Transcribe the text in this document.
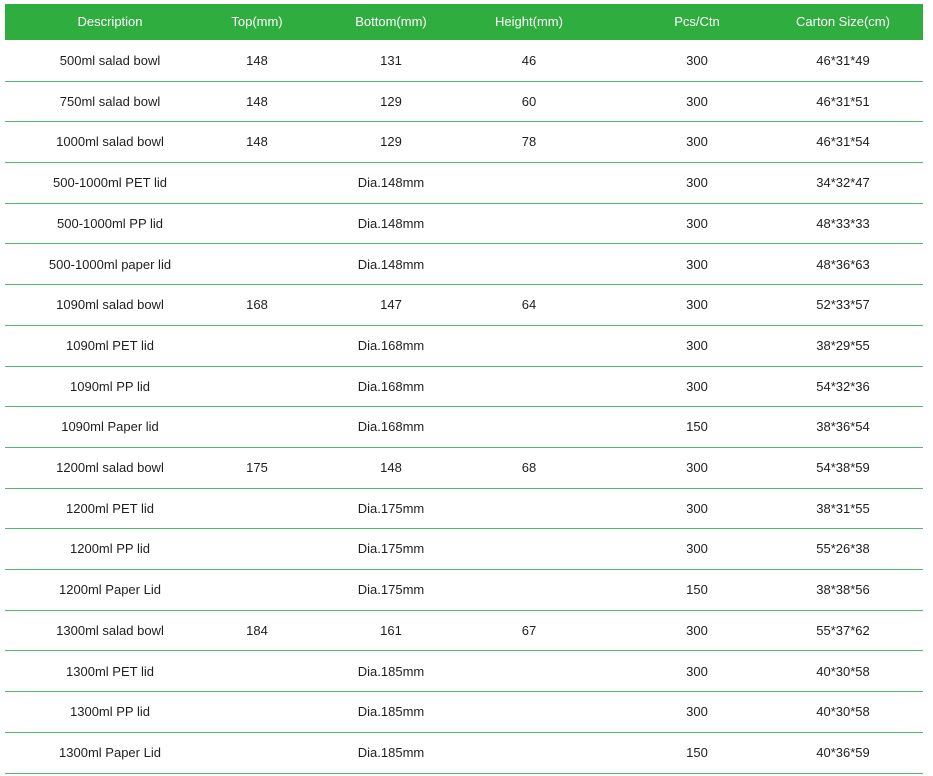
Description	Top(mm)	Bottom(mm)	Height(mm)	Pcs/Ctn	Carton Size(cm)
500ml salad bowl	148	131	46	300	46*31*49
750ml salad bowl	148	129	60	300	46*31*51
1000ml salad bowl	148	129	78	300	46*31*54
500-1000ml PET lid	Dia.148mm	300	34*32*47
500-1000ml PP lid	Dia.148mm	300	48*33*33
500-1000ml paper lid	Dia.148mm	300	48*36*63
1090ml salad bowl	168	147	64	300	52*33*57
1090ml PET lid	Dia.168mm	300	38*29*55
1090ml PP lid	Dia.168mm	300	54*32*36
1090ml Paper lid	Dia.168mm	150	38*36*54
1200ml salad bowl	175	148	68	300	54*38*59
1200ml PET lid	Dia.175mm	300	38*31*55
1200ml PP lid	Dia.175mm	300	55*26*38
1200ml Paper Lid	Dia.175mm	150	38*38*56
1300ml salad bowl	184	161	67	300	55*37*62
1300ml PET lid	Dia.185mm	300	40*30*58
1300ml PP lid	Dia.185mm	300	40*30*58
1300ml Paper Lid	Dia.185mm	150	40*36*59
